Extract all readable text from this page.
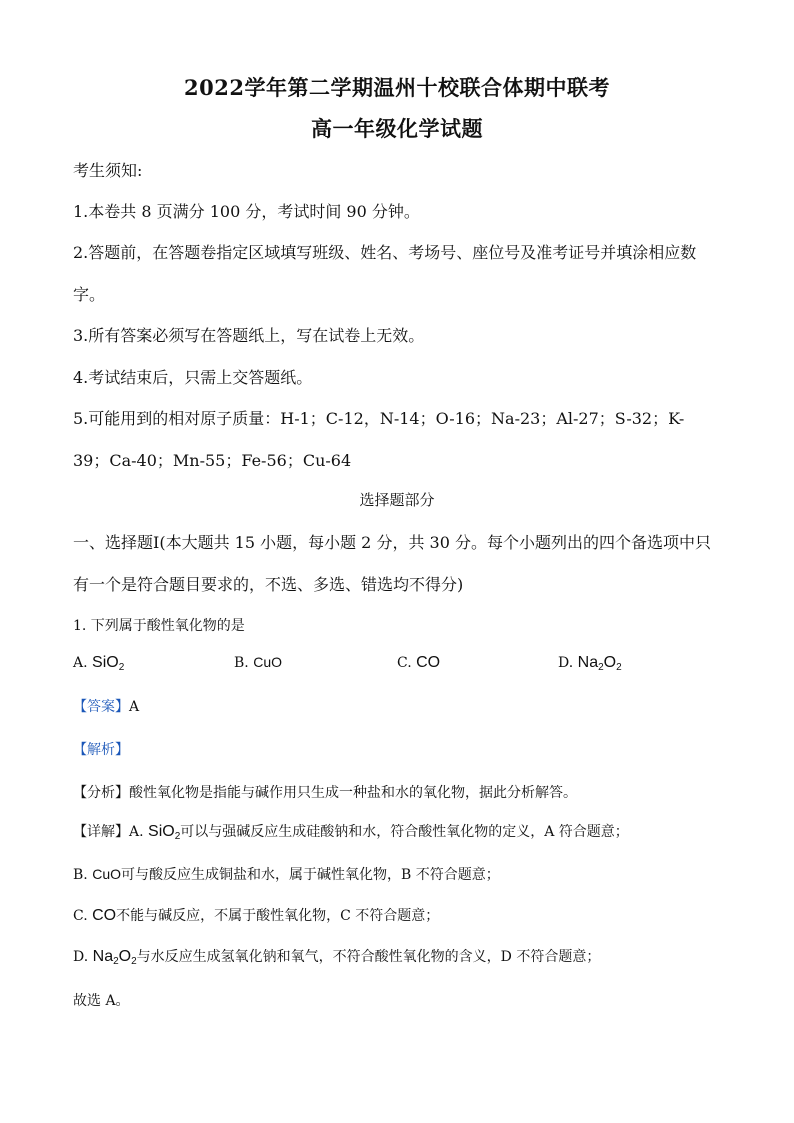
2022学年第二学期温州十校联合体期中联考
高一年级化学试题
考生须知:
1.本卷共 8 页满分 100 分，考试时间 90 分钟。
2.答题前，在答题卷指定区域填写班级、姓名、考场号、座位号及准考证号并填涂相应数
字。
3.所有答案必须写在答题纸上，写在试卷上无效。
4.考试结束后，只需上交答题纸。
5.可能用到的相对原子质量：H-1；C-12，N-14；O-16；Na-23；Al-27；S-32；K-
39；Ca-40；Mn-55；Fe-56；Cu-64
选择题部分
一、选择题Ⅰ(本大题共 15 小题，每小题 2 分，共 30 分。每个小题列出的四个备选项中只
有一个是符合题目要求的，不选、多选、错选均不得分)
1. 下列属于酸性氧化物的是
A. SiO$_2$	B. CuO	C. CO	D. $Na_2O_2$
【答案】A
【解析】
【分析】酸性氧化物是指能与碱作用只生成一种盐和水的氧化物，据此分析解答。
【详解】A. SiO$_2$可以与强碱反应生成硅酸钠和水，符合酸性氧化物的定义，A 符合题意；
B. CuO可与酸反应生成铜盐和水，属于碱性氧化物，B 不符合题意；
C. CO不能与碱反应，不属于酸性氧化物，C 不符合题意；
D. $Na_2O_2$与水反应生成氢氧化钠和氧气，不符合酸性氧化物的含义，D 不符合题意；
故选 A。
